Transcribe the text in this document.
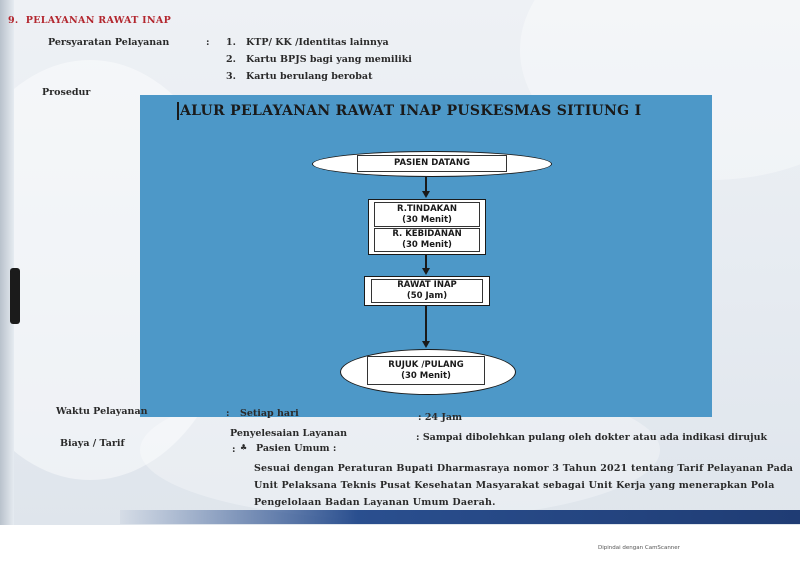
9. PELAYANAN RAWAT INAP
Persyaratan Pelayanan	: 1. KTP/ KK /Identitas lainnya
2. Kartu BPJS bagi yang memiliki
3. Kartu berulang berobat
Prosedur
ALUR PELAYANAN RAWAT INAP PUSKESMAS SITIUNG I
PASIEN DATANG
R.TINDAKAN
(30 Menit)
R. KEBIDANAN
(30 Menit)
RAWAT INAP
(50 Jam)
RUJUK /PULANG
(30 Menit)
Waktu Pelayanan	: Setiap hari	: 24 Jam
Penyelesaian Layanan	: Sampai dibolehkan pulang oleh dokter atau ada indikasi dirujuk
Biaya / Tarif
: ♣ Pasien Umum :
Sesuai dengan Peraturan Bupati Dharmasraya nomor 3 Tahun 2021 tentang Tarif Pelayanan Pada
Unit Pelaksana Teknis Pusat Kesehatan Masyarakat sebagai Unit Kerja yang menerapkan Pola
Pengelolaan Badan Layanan Umum Daerah.
Dipindai dengan CamScanner
